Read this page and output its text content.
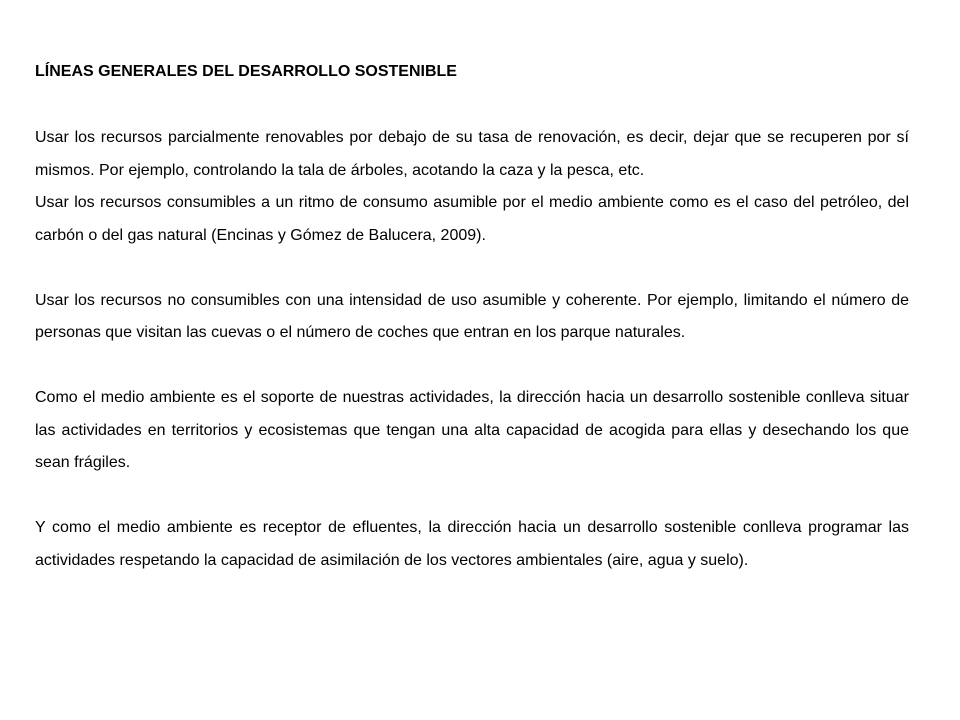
LÍNEAS GENERALES DEL DESARROLLO SOSTENIBLE

Usar los recursos parcialmente renovables por debajo de su tasa de renovación, es decir, dejar que se recuperen por sí mismos. Por ejemplo, controlando la tala de árboles, acotando la caza y la pesca, etc.

Usar los recursos consumibles a un ritmo de consumo asumible por el medio ambiente como es el caso del petróleo, del carbón o del gas natural (Encinas y Gómez de Balucera, 2009).

Usar los recursos no consumibles con una intensidad de uso asumible y coherente. Por ejemplo, limitando el número de personas que visitan las cuevas o el número de coches que entran en los parque naturales.

Como el medio ambiente es el soporte de nuestras actividades, la dirección hacia un desarrollo sostenible conlleva situar las actividades en territorios y ecosistemas que tengan una alta capacidad de acogida para ellas y desechando los que sean frágiles.

Y como el medio ambiente es receptor de efluentes, la dirección hacia un desarrollo sostenible conlleva programar las actividades respetando la capacidad de asimilación de los vectores ambientales (aire, agua y suelo).
